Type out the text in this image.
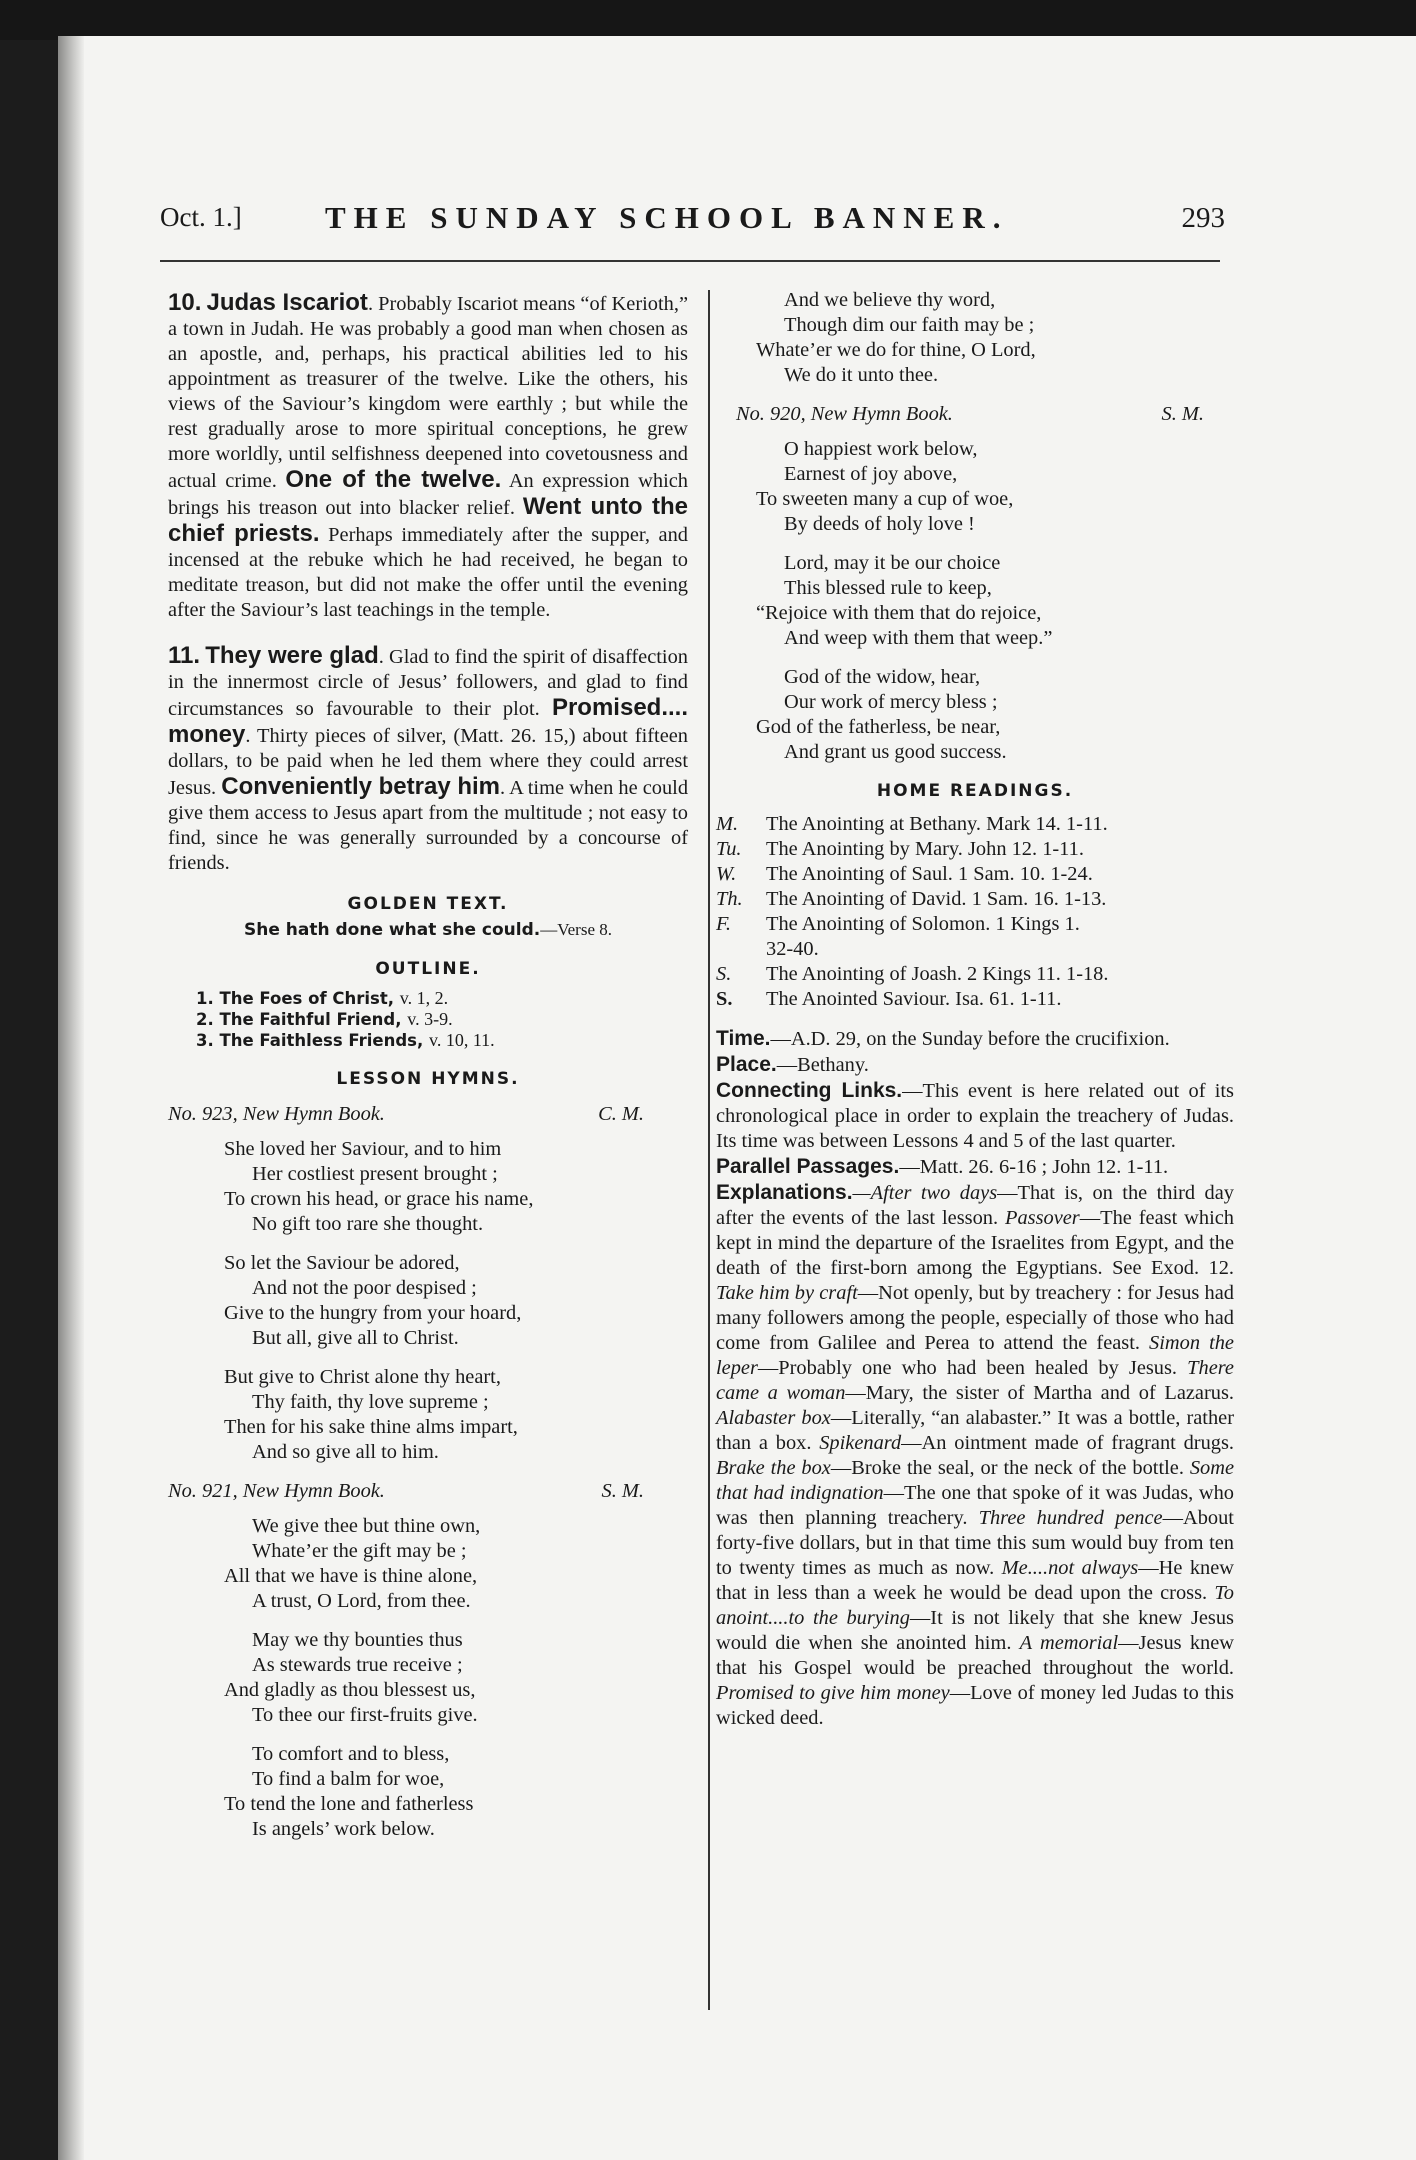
Oct. 1.]	THE SUNDAY SCHOOL BANNER.	293

10. Judas Iscariot. Probably Iscariot means “of Kerioth,” a town in Judah. He was probably a good man when chosen as an apostle, and, perhaps, his practical abilities led to his appointment as treasurer of the twelve. Like the others, his views of the Saviour’s kingdom were earthly ; but while the rest gradually arose to more spiritual conceptions, he grew more worldly, until selfishness deepened into covetousness and actual crime. One of the twelve. An expression which brings his treason out into blacker relief. Went unto the chief priests. Perhaps immediately after the supper, and incensed at the rebuke which he had received, he began to meditate treason, but did not make the offer until the evening after the Saviour’s last teachings in the temple.

11. They were glad. Glad to find the spirit of disaffection in the innermost circle of Jesus’ followers, and glad to find circumstances so favourable to their plot. Promised.... money. Thirty pieces of silver, (Matt. 26. 15,) about fifteen dollars, to be paid when he led them where they could arrest Jesus. Conveniently betray him. A time when he could give them access to Jesus apart from the multitude ; not easy to find, since he was generally surrounded by a concourse of friends.

GOLDEN TEXT.

She hath done what she could.—Verse 8.

OUTLINE.

1. The Foes of Christ, v. 1, 2.
2. The Faithful Friend, v. 3-9.
3. The Faithless Friends, v. 10, 11.

LESSON HYMNS.

No. 923, New Hymn Book.	C. M.
She loved her Saviour, and to him
Her costliest present brought ;
To crown his head, or grace his name,
No gift too rare she thought.
So let the Saviour be adored,
And not the poor despised ;
Give to the hungry from your hoard,
But all, give all to Christ.
But give to Christ alone thy heart,
Thy faith, thy love supreme ;
Then for his sake thine alms impart,
And so give all to him.
No. 921, New Hymn Book.	S. M.
We give thee but thine own,
Whate’er the gift may be ;
All that we have is thine alone,
A trust, O Lord, from thee.
May we thy bounties thus
As stewards true receive ;
And gladly as thou blessest us,
To thee our first-fruits give.
To comfort and to bless,
To find a balm for woe,
To tend the lone and fatherless
Is angels’ work below.
And we believe thy word,
Though dim our faith may be ;
Whate’er we do for thine, O Lord,
We do it unto thee.
No. 920, New Hymn Book.	S. M.
O happiest work below,
Earnest of joy above,
To sweeten many a cup of woe,
By deeds of holy love !
Lord, may it be our choice
This blessed rule to keep,
“Rejoice with them that do rejoice,
And weep with them that weep.”
God of the widow, hear,
Our work of mercy bless ;
God of the fatherless, be near,
And grant us good success.

HOME READINGS.

M.	The Anointing at Bethany. Mark 14. 1-11.
Tu.	The Anointing by Mary. John 12. 1-11.
W.	The Anointing of Saul. 1 Sam. 10. 1-24.
Th.	The Anointing of David. 1 Sam. 16. 1-13.
F.	The Anointing of Solomon. 1 Kings 1.
32-40.
S.	The Anointing of Joash. 2 Kings 11. 1-18.
S.	The Anointed Saviour. Isa. 61. 1-11.

Time.—A.D. 29, on the Sunday before the crucifixion.

Place.—Bethany.

Connecting Links.—This event is here related out of its chronological place in order to explain the treachery of Judas. Its time was between Lessons 4 and 5 of the last quarter.

Parallel Passages.—Matt. 26. 6-16 ; John 12. 1-11.

Explanations.—After two days—That is, on the third day after the events of the last lesson. Passover—The feast which kept in mind the departure of the Israelites from Egypt, and the death of the first-born among the Egyptians. See Exod. 12. Take him by craft—Not openly, but by treachery : for Jesus had many followers among the people, especially of those who had come from Galilee and Perea to attend the feast. Simon the leper—Probably one who had been healed by Jesus. There came a woman—Mary, the sister of Martha and of Lazarus. Alabaster box—Literally, “an alabaster.” It was a bottle, rather than a box. Spikenard—An ointment made of fragrant drugs. Brake the box—Broke the seal, or the neck of the bottle. Some that had indignation—The one that spoke of it was Judas, who was then planning treachery. Three hundred pence—About forty-five dollars, but in that time this sum would buy from ten to twenty times as much as now. Me....not always—He knew that in less than a week he would be dead upon the cross. To anoint....to the burying—It is not likely that she knew Jesus would die when she anointed him. A memorial—Jesus knew that his Gospel would be preached throughout the world. Promised to give him money—Love of money led Judas to this wicked deed.
